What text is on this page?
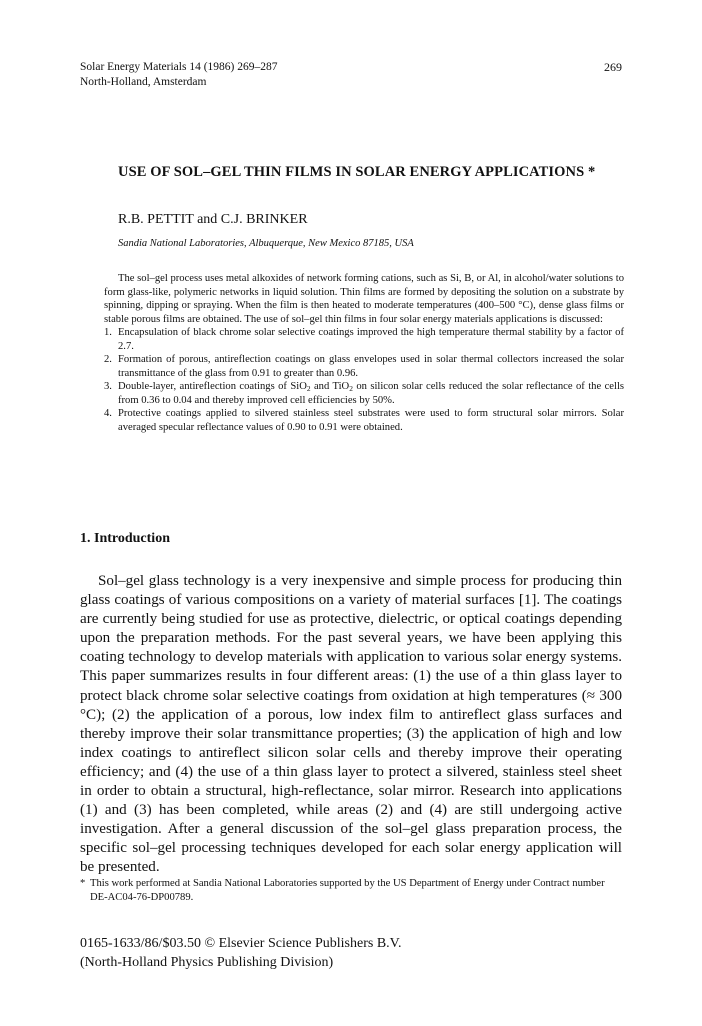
Solar Energy Materials 14 (1986) 269–287
North-Holland, Amsterdam
269
USE OF SOL–GEL THIN FILMS IN SOLAR ENERGY APPLICATIONS *
R.B. PETTIT and C.J. BRINKER
Sandia National Laboratories, Albuquerque, New Mexico 87185, USA

The sol–gel process uses metal alkoxides of network forming cations, such as Si, B, or Al, in alcohol/water solutions to form glass-like, polymeric networks in liquid solution. Thin films are formed by depositing the solution on a substrate by spinning, dipping or spraying. When the film is then heated to moderate temperatures (400–500 °C), dense glass films or stable porous films are obtained. The use of sol–gel thin films in four solar energy materials applications is discussed:

1. Encapsulation of black chrome solar selective coatings improved the high temperature thermal stability by a factor of 2.7.
2. Formation of porous, antireflection coatings on glass envelopes used in solar thermal collectors increased the solar transmittance of the glass from 0.91 to greater than 0.96.
3. Double-layer, antireflection coatings of SiO$_2$ and TiO$_2$ on silicon solar cells reduced the solar reflectance of the cells from 0.36 to 0.04 and thereby improved cell efficiencies by 50%.
4. Protective coatings applied to silvered stainless steel substrates were used to form structural solar mirrors. Solar averaged specular reflectance values of 0.90 to 0.91 were obtained.
1. Introduction

Sol–gel glass technology is a very inexpensive and simple process for producing thin glass coatings of various compositions on a variety of material surfaces [1]. The coatings are currently being studied for use as protective, dielectric, or optical coatings depending upon the preparation methods. For the past several years, we have been applying this coating technology to develop materials with application to various solar energy systems. This paper summarizes results in four different areas: (1) the use of a thin glass layer to protect black chrome solar selective coatings from oxidation at high temperatures (≈ 300 °C); (2) the application of a porous, low index film to antireflect glass surfaces and thereby improve their solar transmittance properties; (3) the application of high and low index coatings to antireflect silicon solar cells and thereby improve their operating efficiency; and (4) the use of a thin glass layer to protect a silvered, stainless steel sheet in order to obtain a structural, high-reflectance, solar mirror. Research into applications (1) and (3) has been completed, while areas (2) and (4) are still undergoing active investigation. After a general discussion of the sol–gel glass preparation process, the specific sol–gel processing techniques developed for each solar energy application will be presented.

* This work performed at Sandia National Laboratories supported by the US Department of Energy under Contract number DE-AC04-76-DP00789.
0165-1633/86/$03.50 © Elsevier Science Publishers B.V.
(North-Holland Physics Publishing Division)
